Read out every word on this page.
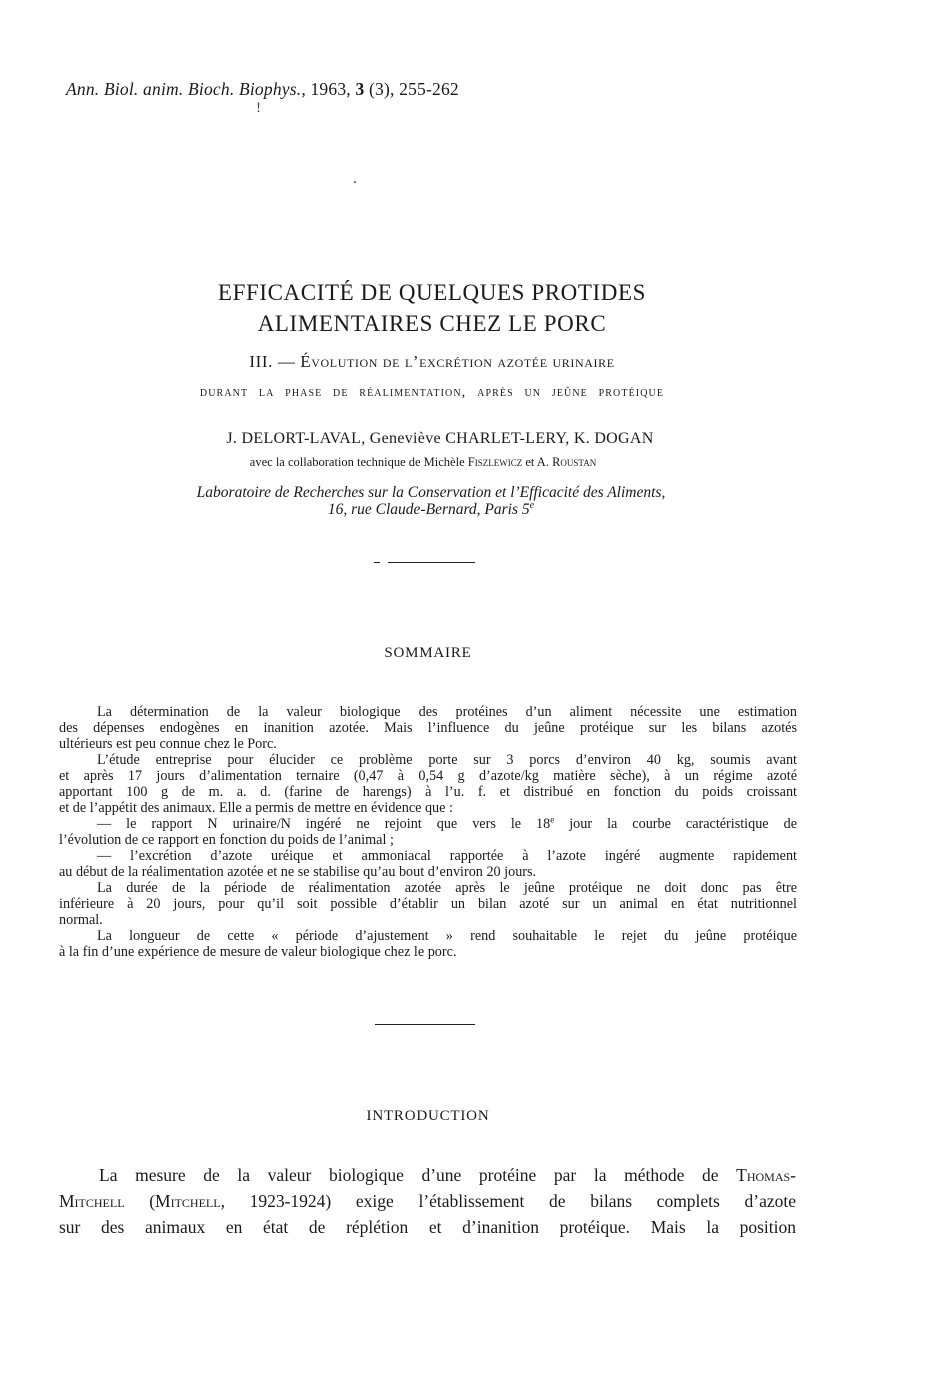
Ann. Biol. anim. Bioch. Biophys., 1963, 3 (3), 255-262
!
EFFICACITÉ DE QUELQUES PROTIDES
ALIMENTAIRES CHEZ LE PORC
III. — Évolution de l’excrétion azotée urinaire
durant la phase de réalimentation, après un jeûne protéique
J. DELORT-LAVAL, Geneviève CHARLET-LERY, K. DOGAN
avec la collaboration technique de Michèle Fiszlewicz et A. Roustan
Laboratoire de Recherches sur la Conservation et l’Efficacité des Aliments,
16, rue Claude-Bernard, Paris 5e
SOMMAIRE

La détermination de la valeur biologique des protéines d’un aliment nécessite une estimation

des dépenses endogènes en inanition azotée. Mais l’influence du jeûne protéique sur les bilans azotés

ultérieurs est peu connue chez le Porc.

L’étude entreprise pour élucider ce problème porte sur 3 porcs d’environ 40 kg, soumis avant

et après 17 jours d’alimentation ternaire (0,47 à 0,54 g d’azote/kg matière sèche), à un régime azoté

apportant 100 g de m. a. d. (farine de harengs) à l’u. f. et distribué en fonction du poids croissant

et de l’appétit des animaux. Elle a permis de mettre en évidence que :

— le rapport N urinaire/N ingéré ne rejoint que vers le 18e jour la courbe caractéristique de

l’évolution de ce rapport en fonction du poids de l’animal ;

— l’excrétion d’azote uréique et ammoniacal rapportée à l’azote ingéré augmente rapidement

au début de la réalimentation azotée et ne se stabilise qu’au bout d’environ 20 jours.

La durée de la période de réalimentation azotée après le jeûne protéique ne doit donc pas être

inférieure à 20 jours, pour qu’il soit possible d’établir un bilan azoté sur un animal en état nutritionnel

normal.

La longueur de cette « période d’ajustement » rend souhaitable le rejet du jeûne protéique

à la fin d’une expérience de mesure de valeur biologique chez le porc.

INTRODUCTION

La mesure de la valeur biologique d’une protéine par la méthode de Thomas-

Mitchell (Mitchell, 1923-1924) exige l’établissement de bilans complets d’azote

sur des animaux en état de réplétion et d’inanition protéique. Mais la position
